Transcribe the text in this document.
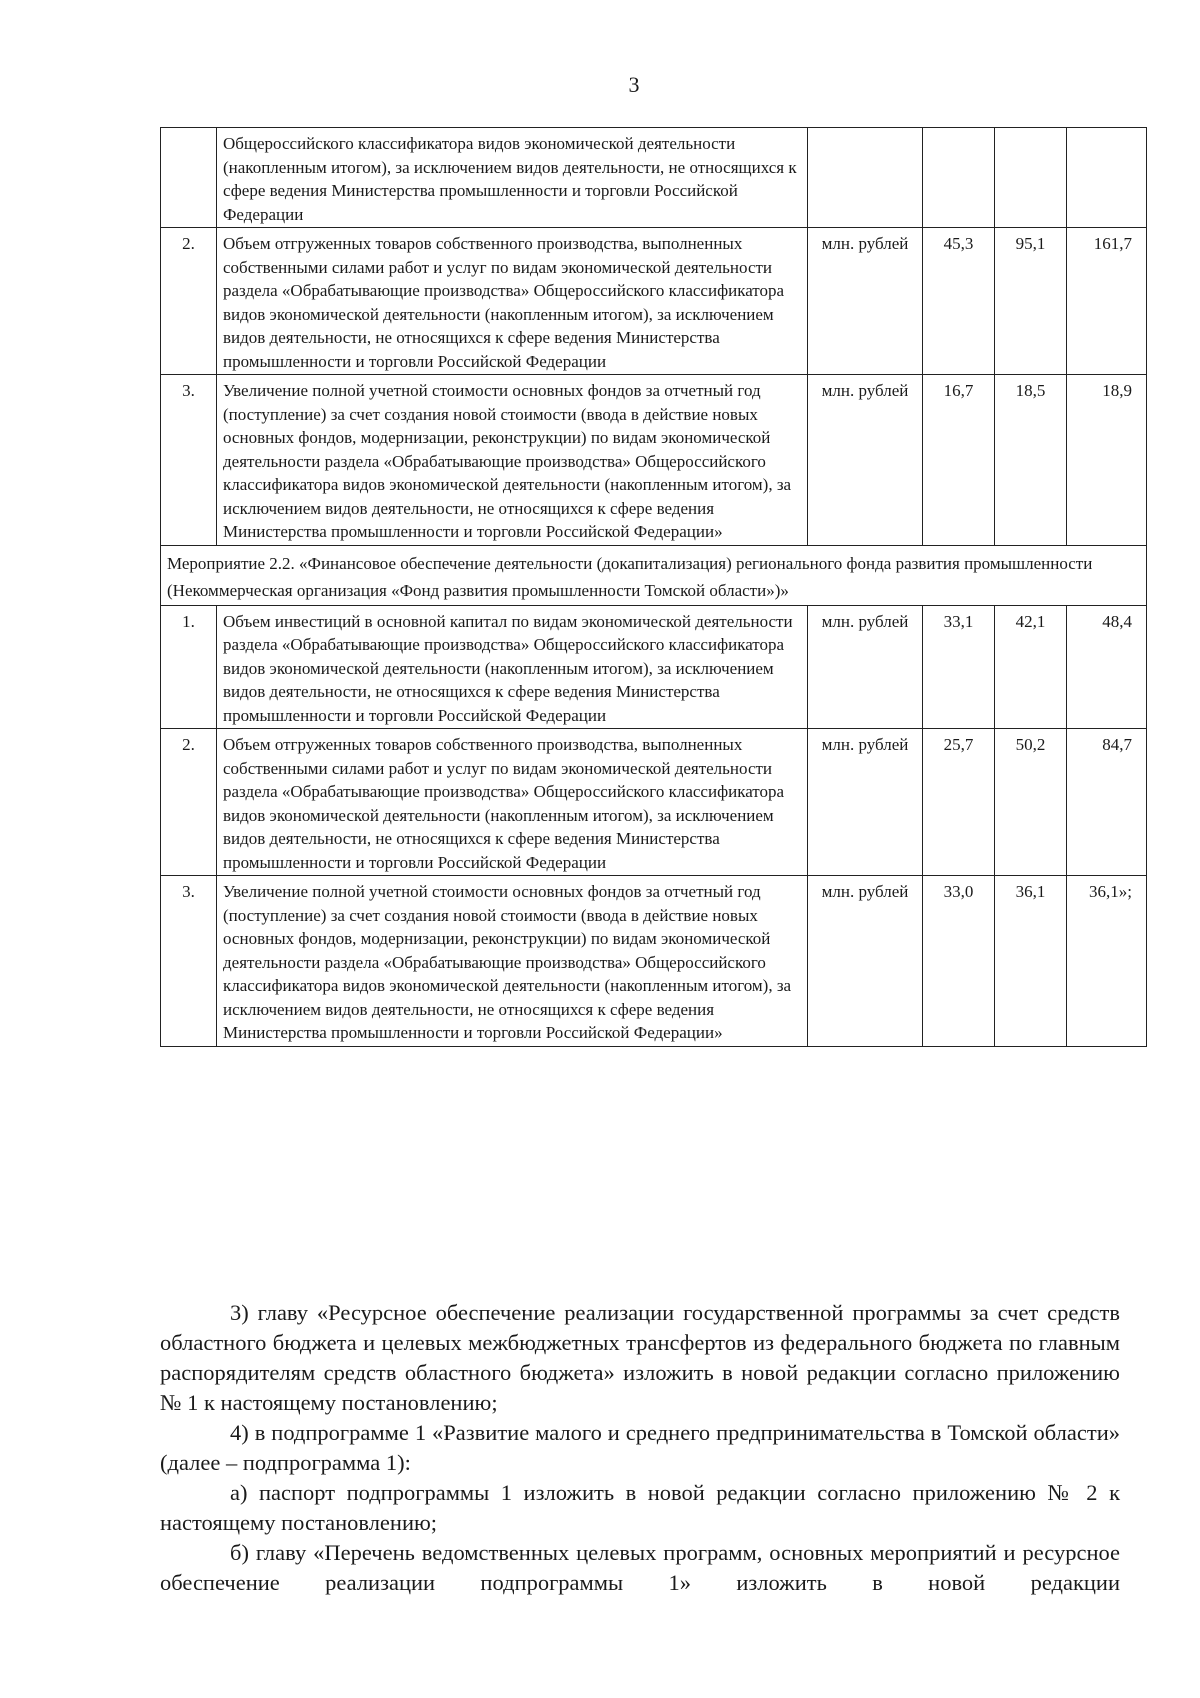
3
	Общероссийского классификатора видов экономической деятельности (накопленным итогом), за исключением видов деятельности, не относящихся к сфере ведения Министерства промышленности и торговли Российской Федерации				
2.	Объем отгруженных товаров собственного производства, выполненных собственными силами работ и услуг по видам экономической деятельности раздела «Обрабатывающие производства» Общероссийского классификатора видов экономической деятельности (накопленным итогом), за исключением видов деятельности, не относящихся к сфере ведения Министерства промышленности и торговли Российской Федерации	млн. рублей	45,3	95,1	161,7
3.	Увеличение полной учетной стоимости основных фондов за отчетный год (поступление) за счет создания новой стоимости (ввода в действие новых основных фондов, модернизации, реконструкции) по видам экономической деятельности раздела «Обрабатывающие производства» Общероссийского классификатора видов экономической деятельности (накопленным итогом), за исключением видов деятельности, не относящихся к сфере ведения Министерства промышленности и торговли Российской Федерации»	млн. рублей	16,7	18,5	18,9
Мероприятие 2.2. «Финансовое обеспечение деятельности (докапитализация) регионального фонда развития промышленности (Некоммерческая организация «Фонд развития промышленности Томской области»)»					
1.	Объем инвестиций в основной капитал по видам экономической деятельности раздела «Обрабатывающие производства» Общероссийского классификатора видов экономической деятельности (накопленным итогом), за исключением видов деятельности, не относящихся к сфере ведения Министерства промышленности и торговли Российской Федерации	млн. рублей	33,1	42,1	48,4
2.	Объем отгруженных товаров собственного производства, выполненных собственными силами работ и услуг по видам экономической деятельности раздела «Обрабатывающие производства» Общероссийского классификатора видов экономической деятельности (накопленным итогом), за исключением видов деятельности, не относящихся к сфере ведения Министерства промышленности и торговли Российской Федерации	млн. рублей	25,7	50,2	84,7
3.	Увеличение полной учетной стоимости основных фондов за отчетный год (поступление) за счет создания новой стоимости (ввода в действие новых основных фондов, модернизации, реконструкции) по видам экономической деятельности раздела «Обрабатывающие производства» Общероссийского классификатора видов экономической деятельности (накопленным итогом), за исключением видов деятельности, не относящихся к сфере ведения Министерства промышленности и торговли Российской Федерации»	млн. рублей	33,0	36,1	36,1»;

3) главу «Ресурсное обеспечение реализации государственной программы за счет средств областного бюджета и целевых межбюджетных трансфертов из федерального бюджета по главным распорядителям средств областного бюджета» изложить в новой редакции согласно приложению № 1 к настоящему постановлению;

4) в подпрограмме 1 «Развитие малого и среднего предпринимательства в Томской области» (далее – подпрограмма 1):

а) паспорт подпрограммы 1 изложить в новой редакции согласно приложению № 2 к настоящему постановлению;

б) главу «Перечень ведомственных целевых программ, основных мероприятий и ресурсное обеспечение реализации подпрограммы 1» изложить в новой редакции
